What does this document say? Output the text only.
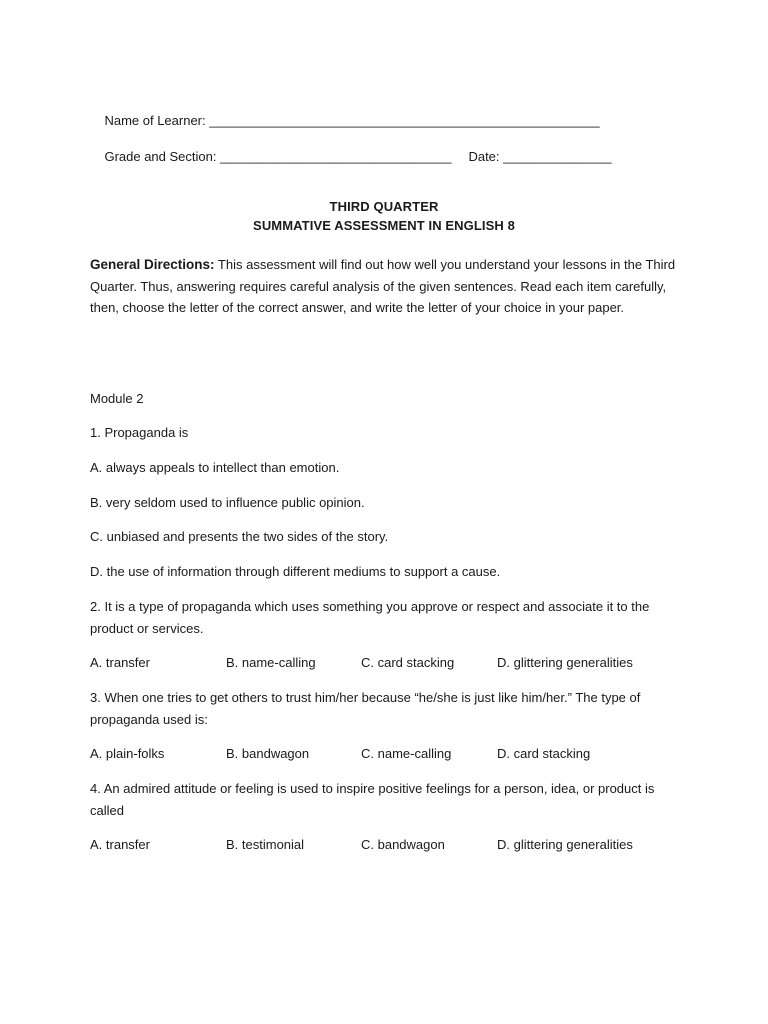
Name of Learner: ______________________________________________________

Grade and Section: ________________________________ Date: _______________

THIRD QUARTER
SUMMATIVE ASSESSMENT IN ENGLISH 8
General Directions: This assessment will find out how well you understand your lessons in the Third Quarter. Thus, answering requires careful analysis of the given sentences. Read each item carefully, then, choose the letter of the correct answer, and write the letter of your choice in your paper.
Module 2
1. Propaganda is
A. always appeals to intellect than emotion.
B. very seldom used to influence public opinion.
C. unbiased and presents the two sides of the story.
D. the use of information through different mediums to support a cause.
2. It is a type of propaganda which uses something you approve or respect and associate it to the product or services.
A. transfer	B. name-calling	C. card stacking	D. glittering generalities
3. When one tries to get others to trust him/her because “he/she is just like him/her.” The type of propaganda used is:
A. plain-folks	B. bandwagon	C. name-calling	D. card stacking
4. An admired attitude or feeling is used to inspire positive feelings for a person, idea, or product is called
A. transfer	B. testimonial	C. bandwagon	D. glittering generalities
